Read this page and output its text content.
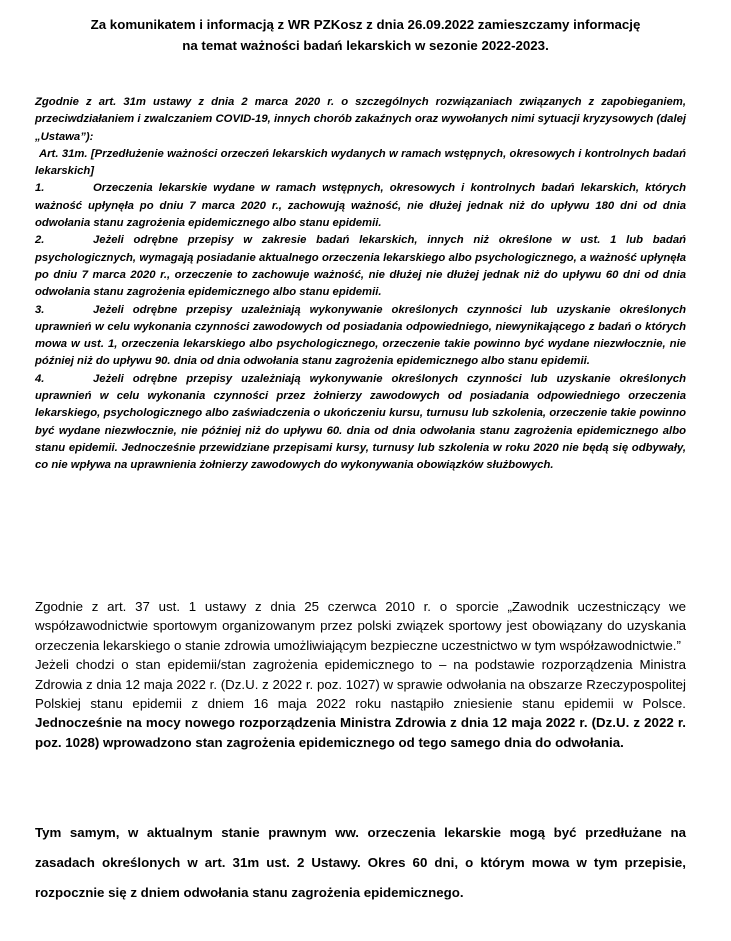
Za komunikatem i informacją z WR PZKosz z dnia 26.09.2022 zamieszczamy informację
na temat ważności badań lekarskich w sezonie 2022-2023.

Zgodnie z art. 31m ustawy z dnia 2 marca 2020 r. o szczególnych rozwiązaniach związanych z zapobieganiem, przeciwdziałaniem i zwalczaniem COVID-19, innych chorób zakaźnych oraz wywołanych nimi sytuacji kryzysowych (dalej „Ustawa”):

Art. 31m. [Przedłużenie ważności orzeczeń lekarskich wydanych w ramach wstępnych, okresowych i kontrolnych badań lekarskich]

1.	Orzeczenia lekarskie wydane w ramach wstępnych, okresowych i kontrolnych badań lekarskich, których ważność upłynęła po dniu 7 marca 2020 r., zachowują ważność, nie dłużej jednak niż do upływu 180 dni od dnia odwołania stanu zagrożenia epidemicznego albo stanu epidemii.

2.	Jeżeli odrębne przepisy w zakresie badań lekarskich, innych niż określone w ust. 1 lub badań psychologicznych, wymagają posiadanie aktualnego orzeczenia lekarskiego albo psychologicznego, a ważność upłynęła po dniu 7 marca 2020 r., orzeczenie to zachowuje ważność, nie dłużej nie dłużej jednak niż do upływu 60 dni od dnia odwołania stanu zagrożenia epidemicznego albo stanu epidemii.

3.	Jeżeli odrębne przepisy uzależniają wykonywanie określonych czynności lub uzyskanie określonych uprawnień w celu wykonania czynności zawodowych od posiadania odpowiedniego, niewynikającego z badań o których mowa w ust. 1, orzeczenia lekarskiego albo psychologicznego, orzeczenie takie powinno być wydane niezwłocznie, nie później niż do upływu 90. dnia od dnia odwołania stanu zagrożenia epidemicznego albo stanu epidemii.

4.	Jeżeli odrębne przepisy uzależniają wykonywanie określonych czynności lub uzyskanie określonych uprawnień w celu wykonania czynności przez żołnierzy zawodowych od posiadania odpowiedniego orzeczenia lekarskiego, psychologicznego albo zaświadczenia o ukończeniu kursu, turnusu lub szkolenia, orzeczenie takie powinno być wydane niezwłocznie, nie później niż do upływu 60. dnia od dnia odwołania stanu zagrożenia epidemicznego albo stanu epidemii. Jednocześnie przewidziane przepisami kursy, turnusy lub szkolenia w roku 2020 nie będą się odbywały, co nie wpływa na uprawnienia żołnierzy zawodowych do wykonywania obowiązków służbowych.

Zgodnie z art. 37 ust. 1 ustawy z dnia 25 czerwca 2010 r. o sporcie „Zawodnik uczestniczący we współzawodnictwie sportowym organizowanym przez polski związek sportowy jest obowiązany do uzyskania orzeczenia lekarskiego o stanie zdrowia umożliwiającym bezpieczne uczestnictwo w tym współzawodnictwie.”

Jeżeli chodzi o stan epidemii/stan zagrożenia epidemicznego to – na podstawie rozporządzenia Ministra Zdrowia z dnia 12 maja 2022 r. (Dz.U. z 2022 r. poz. 1027) w sprawie odwołania na obszarze Rzeczypospolitej Polskiej stanu epidemii z dniem 16 maja 2022 roku nastąpiło zniesienie stanu epidemii w Polsce. Jednocześnie na mocy nowego rozporządzenia Ministra Zdrowia z dnia 12 maja 2022 r. (Dz.U. z 2022 r. poz. 1028) wprowadzono stan zagrożenia epidemicznego od tego samego dnia do odwołania.

Tym samym, w aktualnym stanie prawnym ww. orzeczenia lekarskie mogą być przedłużane na zasadach określonych w art. 31m ust. 2 Ustawy. Okres 60 dni, o którym mowa w tym przepisie, rozpocznie się z dniem odwołania stanu zagrożenia epidemicznego.
